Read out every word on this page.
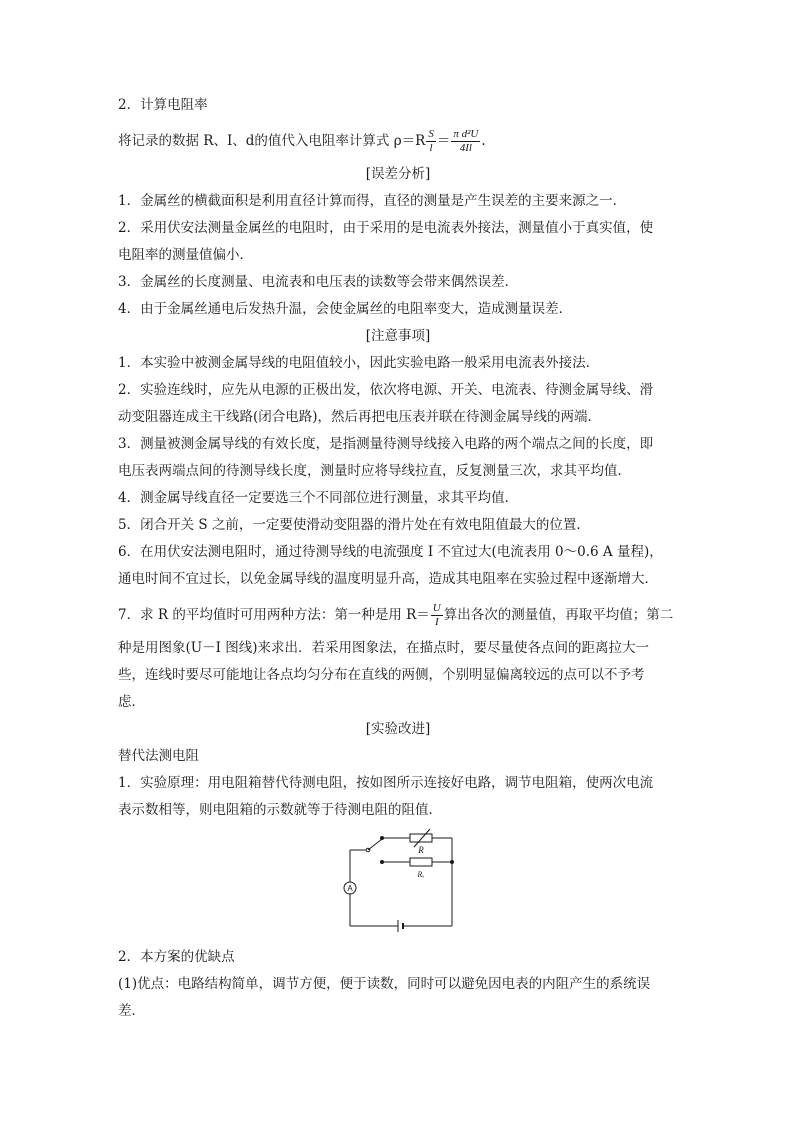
2．计算电阻率

将记录的数据 R、I、d的值代入电阻率计算式 $\rho=R \frac{S}{l} = \frac{\text{π d²U}}{4Il}$ .

[误差分析]

1．金属丝的横截面积是利用直径计算而得，直径的测量是产生误差的主要来源之一．

2．采用伏安法测量金属丝的电阻时，由于采用的是电流表外接法，测量值小于真实值，使

电阻率的测量值偏小．

3．金属丝的长度测量、电流表和电压表的读数等会带来偶然误差．

4．由于金属丝通电后发热升温，会使金属丝的电阻率变大，造成测量误差．

[注意事项]

1．本实验中被测金属导线的电阻值较小，因此实验电路一般采用电流表外接法．

2．实验连线时，应先从电源的正极出发，依次将电源、开关、电流表、待测金属导线、滑

动变阻器连成主干线路(闭合电路)，然后再把电压表并联在待测金属导线的两端．

3．测量被测金属导线的有效长度，是指测量待测导线接入电路的两个端点之间的长度，即

电压表两端点间的待测导线长度，测量时应将导线拉直，反复测量三次，求其平均值．

4．测金属导线直径一定要选三个不同部位进行测量，求其平均值．

5．闭合开关 S 之前，一定要使滑动变阻器的滑片处在有效电阻值最大的位置．

6．在用伏安法测电阻时，通过待测导线的电流强度 I 不宜过大(电流表用 0～0.6 A 量程)，

通电时间不宜过长，以免金属导线的温度明显升高，造成其电阻率在实验过程中逐渐增大．

7．求 R 的平均值时可用两种方法：第一种是用 $R= \frac{U}{I}$ 算出各次的测量值，再取平均值；第二

种是用图象(U－I 图线)来求出．若采用图象法，在描点时，要尽量使各点间的距离拉大一

些，连线时要尽可能地让各点均匀分布在直线的两侧，个别明显偏离较远的点可以不予考

虑．

[实验改进]

替代法测电阻

1．实验原理：用电阻箱替代待测电阻，按如图所示连接好电路，调节电阻箱，使两次电流

表示数相等，则电阻箱的示数就等于待测电阻的阻值．

A
R
Rₓ

2．本方案的优缺点

(1)优点：电路结构简单，调节方便，便于读数，同时可以避免因电表的内阻产生的系统误

差．
